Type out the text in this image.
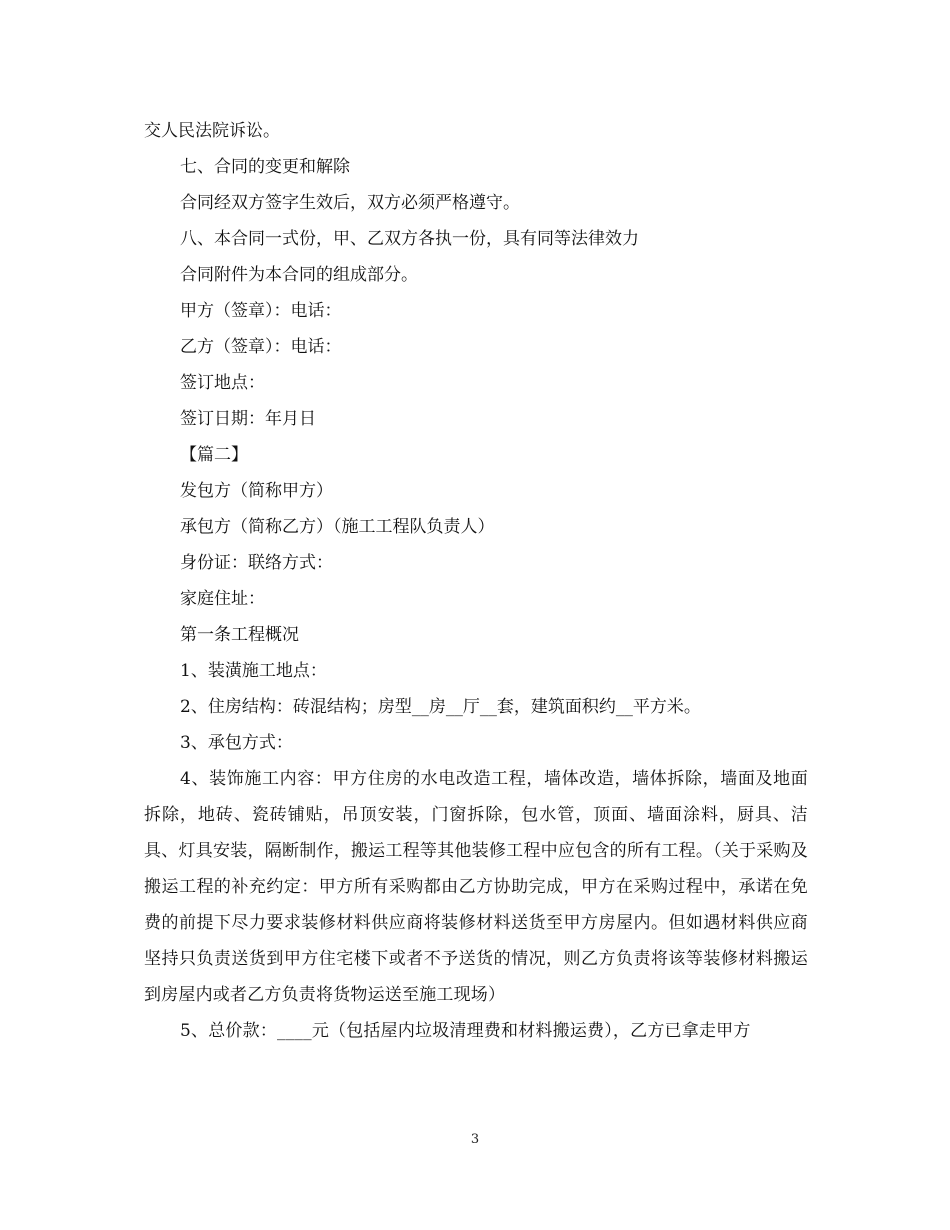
交人民法院诉讼。
七、合同的变更和解除
合同经双方签字生效后，双方必须严格遵守。
八、本合同一式份，甲、乙双方各执一份，具有同等法律效力
合同附件为本合同的组成部分。
甲方（签章）：电话：
乙方（签章）：电话：
签订地点：
签订日期：年月日
【篇二】
发包方（简称甲方）
承包方（简称乙方）（施工工程队负责人）
身份证：联络方式：
家庭住址：
第一条工程概况
1、装潢施工地点：
2、住房结构：砖混结构；房型__房__厅__套，建筑面积约__平方米。
3、承包方式：
4、装饰施工内容：甲方住房的水电改造工程，墙体改造，墙体拆除，墙面及地面拆除，地砖、瓷砖铺贴，吊顶安装，门窗拆除，包水管，顶面、墙面涂料，厨具、洁具、灯具安装，隔断制作，搬运工程等其他装修工程中应包含的所有工程。（关于采购及搬运工程的补充约定：甲方所有采购都由乙方协助完成，甲方在采购过程中，承诺在免费的前提下尽力要求装修材料供应商将装修材料送货至甲方房屋内。但如遇材料供应商坚持只负责送货到甲方住宅楼下或者不予送货的情况，则乙方负责将该等装修材料搬运到房屋内或者乙方负责将货物运送至施工现场）
5、总价款：____元（包括屋内垃圾清理费和材料搬运费），乙方已拿走甲方
3
